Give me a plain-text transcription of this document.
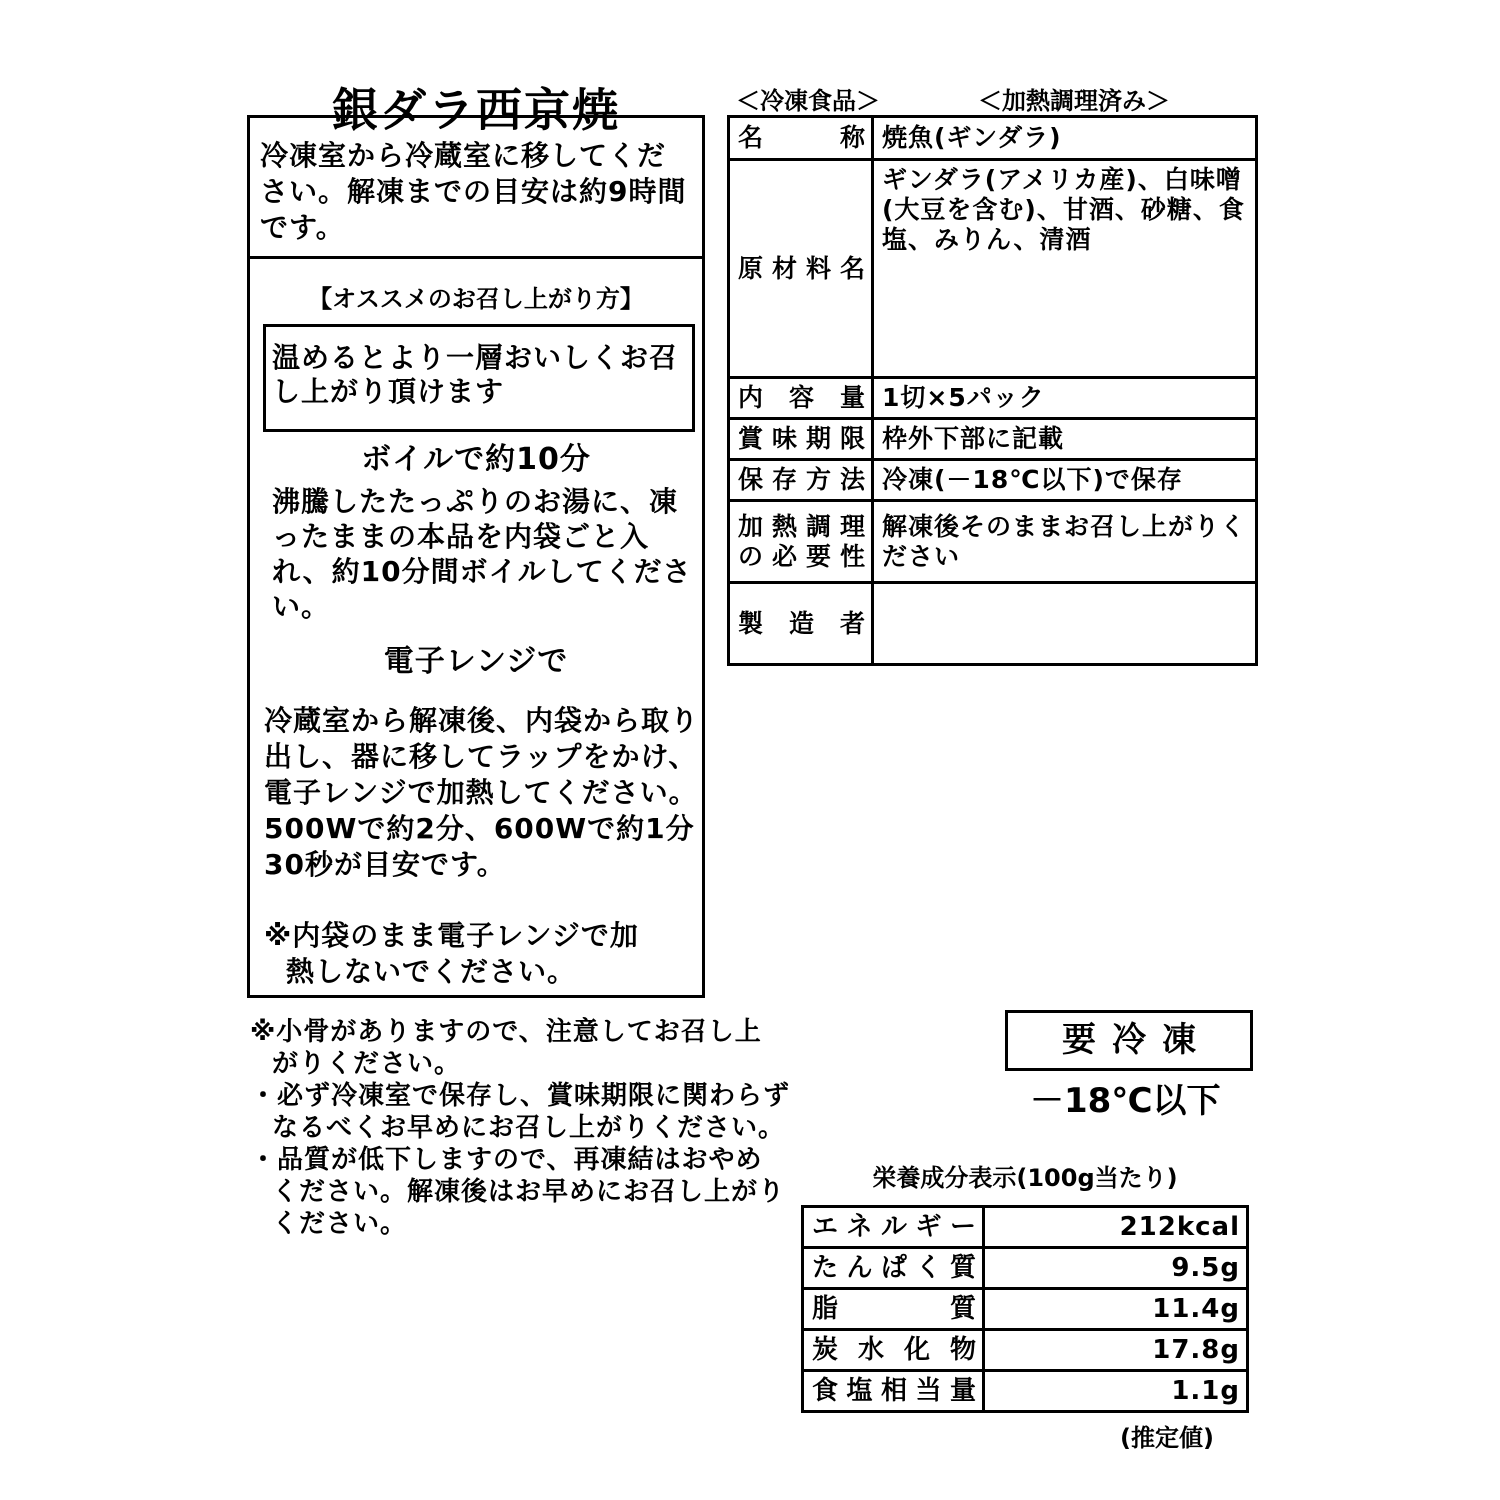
銀ダラ西京焼
冷凍室から冷蔵室に移してください。解凍までの目安は約9時間です。
【オススメのお召し上がり方】
温めるとより一層おいしくお召し上がり頂けます
ボイルで約10分
沸騰したたっぷりのお湯に、凍ったままの本品を内袋ごと入れ、約10分間ボイルしてください。
電子レンジで
冷蔵室から解凍後、内袋から取り出し、器に移してラップをかけ、電子レンジで加熱してください。500Wで約2分、600Wで約1分30秒が目安です。
※内袋のまま電子レンジで加
熱しないでください。
＜冷凍食品＞	＜加熱調理済み＞
名称	焼魚(ギンダラ)
原材料名	ギンダラ(アメリカ産)、白味噌(大豆を含む)、甘酒、砂糖、食塩、みりん、清酒
内容量	1切×5パック
賞味期限	枠外下部に記載
保存方法	冷凍(－18℃以下)で保存

加熱調理
の必要性	解凍後そのままお召し上がりください
製造者	
※小骨がありますので、注意してお召し上
がりください。
・必ず冷凍室で保存し、賞味期限に関わらず
なるべくお早めにお召し上がりください。
・品質が低下しますので、再凍結はおやめ
ください。解凍後はお早めにお召し上がり
ください。
要冷凍
－18℃以下
栄養成分表示(100g当たり)
エネルギー	212kcal
たんぱく質	9.5g
脂質	11.4g
炭水化物	17.8g
食塩相当量	1.1g
(推定値)
